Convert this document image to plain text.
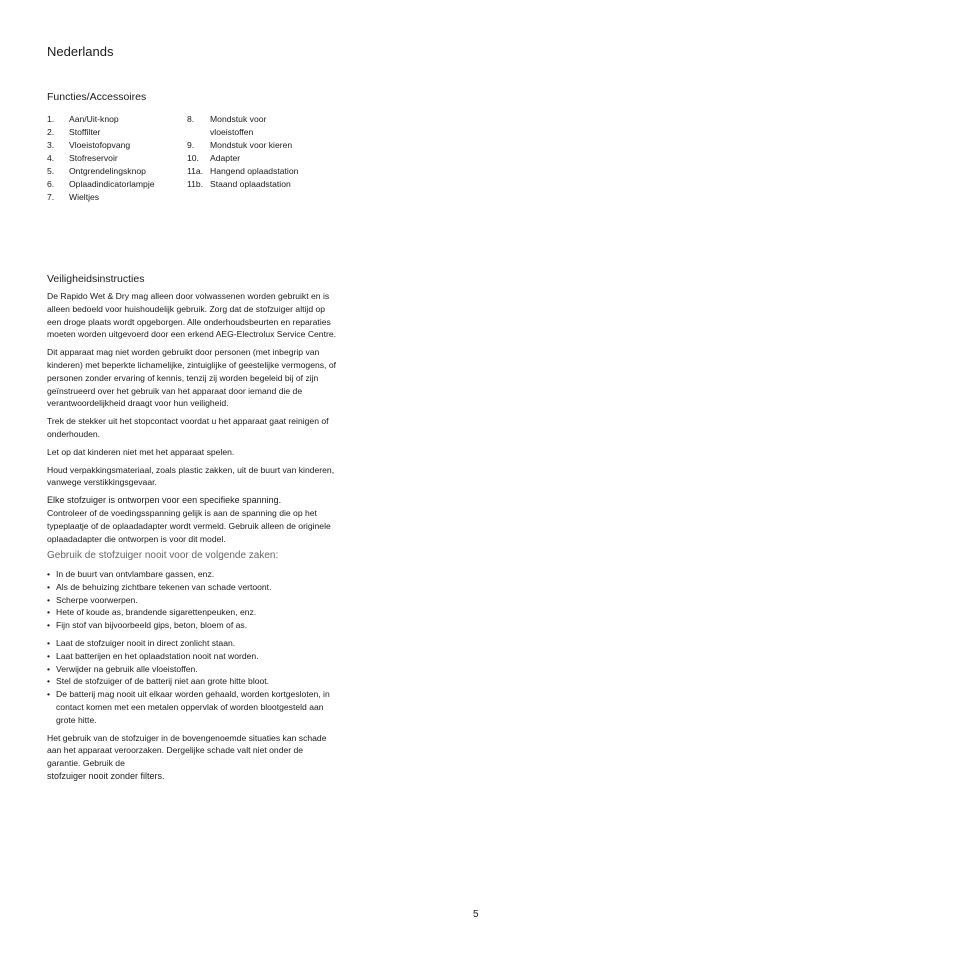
Nederlands
Functies/Accessoires
1.	Aan/Uit-knop
2.	Stoffilter
3.	Vloeistofopvang
4.	Stofreservoir
5.	Ontgrendelingsknop
6.	Oplaadindicatorlampje
7.	Wieltjes
8.	Mondstuk voor
vloeistoffen
9.	Mondstuk voor kieren
10.	Adapter
11a. Hangend oplaadstation
11b. Staand oplaadstation
Veiligheidsinstructies

De Rapido Wet & Dry mag alleen door volwassenen worden gebruikt en is alleen bedoeld voor huishoudelijk gebruik. Zorg dat de stofzuiger altijd op een droge plaats wordt opgeborgen. Alle onderhoudsbeurten en reparaties moeten worden uitgevoerd door een erkend AEG-Electrolux Service Centre.

Dit apparaat mag niet worden gebruikt door personen (met inbegrip van kinderen) met beperkte lichamelijke, zintuiglijke of geestelijke vermogens, of personen zonder ervaring of kennis, tenzij zij worden begeleid bij of zijn geïnstrueerd over het gebruik van het apparaat door iemand die de verantwoordelijkheid draagt voor hun veiligheid.

Trek de stekker uit het stopcontact voordat u het apparaat gaat reinigen of onderhouden.

Let op dat kinderen niet met het apparaat spelen.

Houd verpakkingsmateriaal, zoals plastic zakken, uit de buurt van kinderen, vanwege verstikkingsgevaar.

Elke stofzuiger is ontworpen voor een specifieke spanning.
Controleer of de voedingsspanning gelijk is aan de spanning die op het typeplaatje of de oplaadadapter wordt vermeld. Gebruik alleen de originele oplaadadapter die ontworpen is voor dit model.

Gebruik de stofzuiger nooit voor de volgende zaken:

• In de buurt van ontvlambare gassen, enz.
• Als de behuizing zichtbare tekenen van schade vertoont.
• Scherpe voorwerpen.
• Hete of koude as, brandende sigarettenpeuken, enz.
• Fijn stof van bijvoorbeeld gips, beton, bloem of as.
• Laat de stofzuiger nooit in direct zonlicht staan.
• Laat batterijen en het oplaadstation nooit nat worden.
• Verwijder na gebruik alle vloeistoffen.
• Stel de stofzuiger of de batterij niet aan grote hitte bloot.
• De batterij mag nooit uit elkaar worden gehaald, worden kortgesloten, in contact komen met een metalen oppervlak of worden blootgesteld aan grote hitte.

Het gebruik van de stofzuiger in de bovengenoemde situaties kan schade aan het apparaat veroorzaken. Dergelijke schade valt niet onder de garantie. Gebruik de
stofzuiger nooit zonder filters.

5
